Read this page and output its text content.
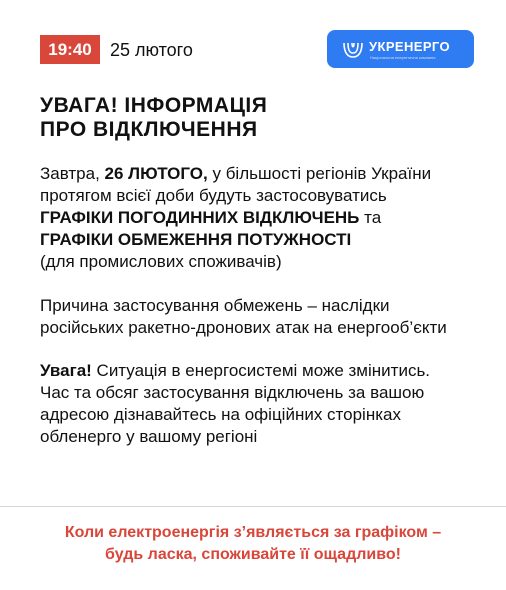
19:40	25 лютого	УКРЕНЕРГО
Національна енергетична компанія
УВАГА! ІНФОРМАЦІЯ
ПРО ВІДКЛЮЧЕННЯ
Завтра, 26 ЛЮТОГО, у більшості регіонів України
протягом всієї доби будуть застосовуватись
ГРАФІКИ ПОГОДИННИХ ВІДКЛЮЧЕНЬ та
ГРАФІКИ ОБМЕЖЕННЯ ПОТУЖНОСТІ
(для промислових споживачів)
Причина застосування обмежень – наслідки
російських ракетно-дронових атак на енергооб’єкти
Увага! Ситуація в енергосистемі може змінитись.
Час та обсяг застосування відключень за вашою
адресою дізнавайтесь на офіційних сторінках
обленерго у вашому регіоні
Коли електроенергія з’являється за графіком –
будь ласка, споживайте її ощадливо!
